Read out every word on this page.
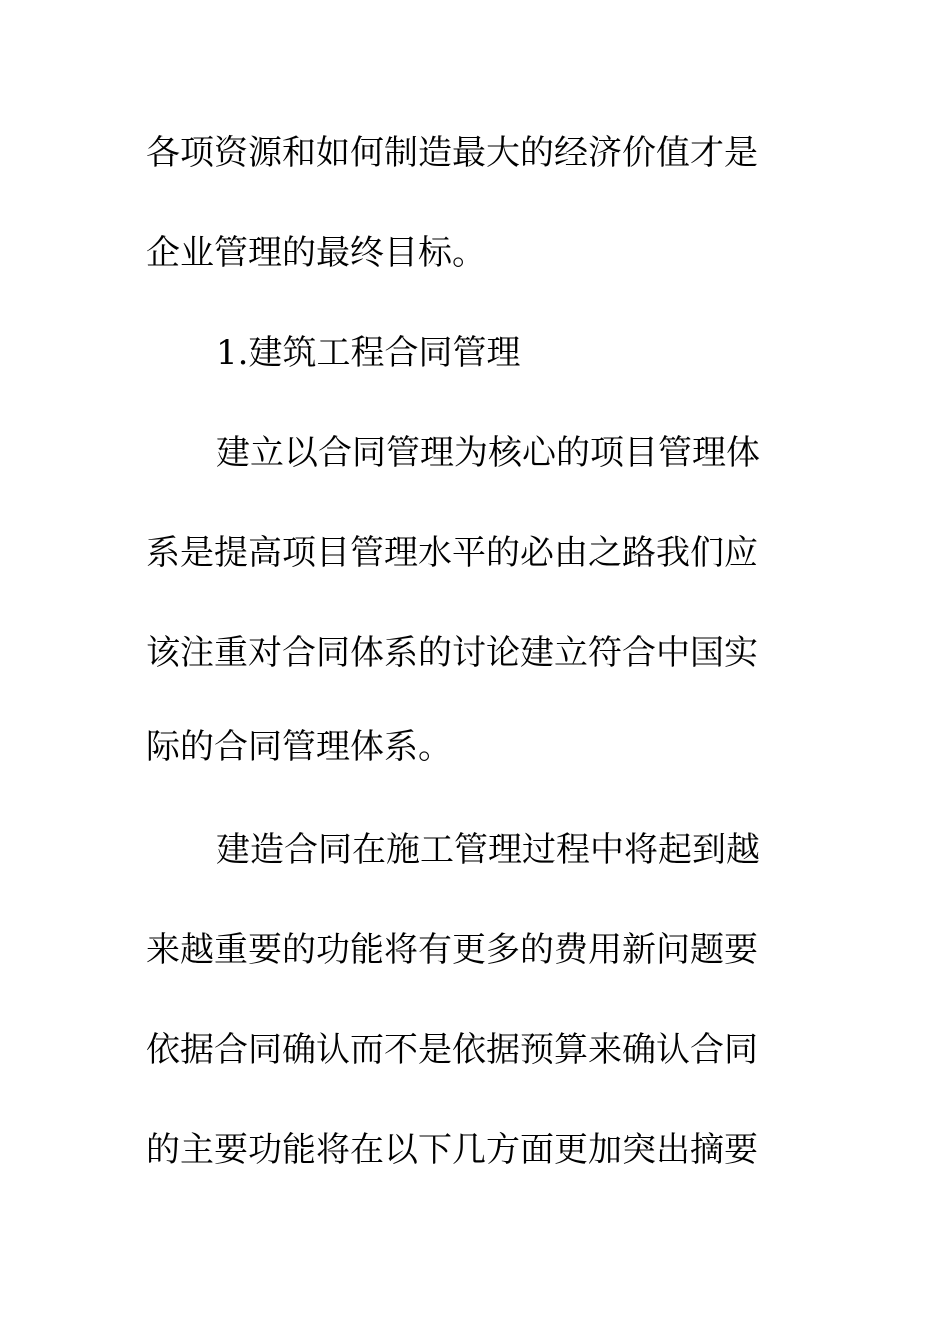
各项资源和如何制造最大的经济价值才是
企业管理的最终目标。
1.建筑工程合同管理
建立以合同管理为核心的项目管理体
系是提高项目管理水平的必由之路我们应
该注重对合同体系的讨论建立符合中国实
际的合同管理体系。
建造合同在施工管理过程中将起到越
来越重要的功能将有更多的费用新问题要
依据合同确认而不是依据预算来确认合同
的主要功能将在以下几方面更加突出摘要
